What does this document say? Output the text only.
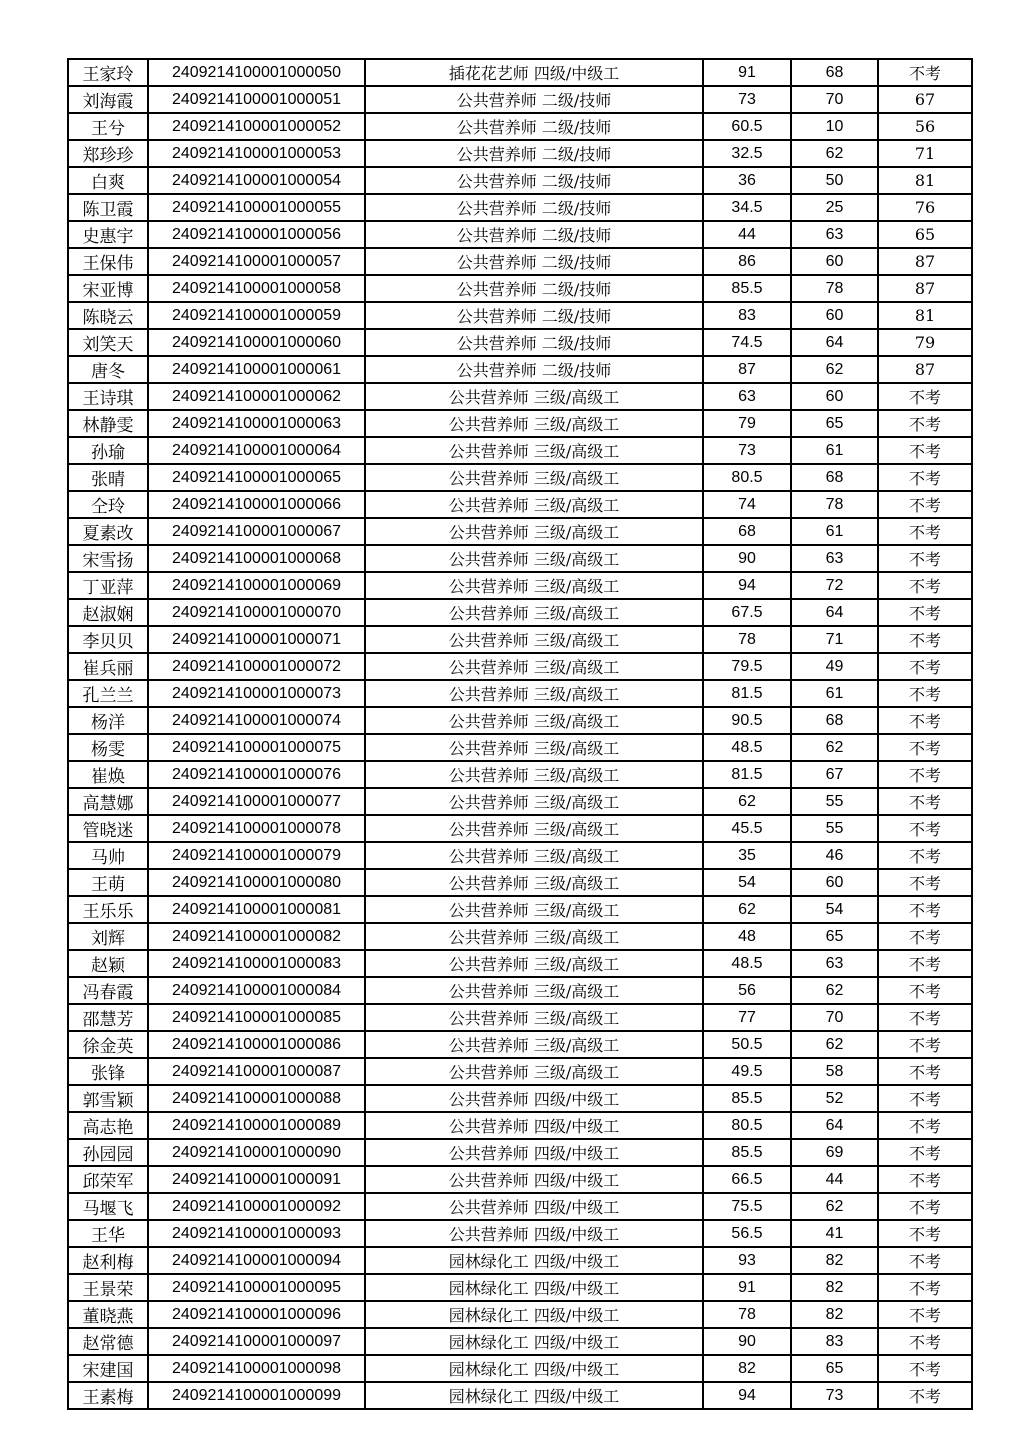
王家玲	2409214100001000050	插花花艺师 四级/中级工	91	68	不考
刘海霞	2409214100001000051	公共营养师 二级/技师	73	70	67
王兮	2409214100001000052	公共营养师 二级/技师	60.5	10	56
郑珍珍	2409214100001000053	公共营养师 二级/技师	32.5	62	71
白爽	2409214100001000054	公共营养师 二级/技师	36	50	81
陈卫霞	2409214100001000055	公共营养师 二级/技师	34.5	25	76
史惠宇	2409214100001000056	公共营养师 二级/技师	44	63	65
王保伟	2409214100001000057	公共营养师 二级/技师	86	60	87
宋亚博	2409214100001000058	公共营养师 二级/技师	85.5	78	87
陈晓云	2409214100001000059	公共营养师 二级/技师	83	60	81
刘笑天	2409214100001000060	公共营养师 二级/技师	74.5	64	79
唐冬	2409214100001000061	公共营养师 二级/技师	87	62	87
王诗琪	2409214100001000062	公共营养师 三级/高级工	63	60	不考
林静雯	2409214100001000063	公共营养师 三级/高级工	79	65	不考
孙瑜	2409214100001000064	公共营养师 三级/高级工	73	61	不考
张晴	2409214100001000065	公共营养师 三级/高级工	80.5	68	不考
仝玲	2409214100001000066	公共营养师 三级/高级工	74	78	不考
夏素改	2409214100001000067	公共营养师 三级/高级工	68	61	不考
宋雪扬	2409214100001000068	公共营养师 三级/高级工	90	63	不考
丁亚萍	2409214100001000069	公共营养师 三级/高级工	94	72	不考
赵淑娴	2409214100001000070	公共营养师 三级/高级工	67.5	64	不考
李贝贝	2409214100001000071	公共营养师 三级/高级工	78	71	不考
崔兵丽	2409214100001000072	公共营养师 三级/高级工	79.5	49	不考
孔兰兰	2409214100001000073	公共营养师 三级/高级工	81.5	61	不考
杨洋	2409214100001000074	公共营养师 三级/高级工	90.5	68	不考
杨雯	2409214100001000075	公共营养师 三级/高级工	48.5	62	不考
崔焕	2409214100001000076	公共营养师 三级/高级工	81.5	67	不考
高慧娜	2409214100001000077	公共营养师 三级/高级工	62	55	不考
管晓迷	2409214100001000078	公共营养师 三级/高级工	45.5	55	不考
马帅	2409214100001000079	公共营养师 三级/高级工	35	46	不考
王萌	2409214100001000080	公共营养师 三级/高级工	54	60	不考
王乐乐	2409214100001000081	公共营养师 三级/高级工	62	54	不考
刘辉	2409214100001000082	公共营养师 三级/高级工	48	65	不考
赵颖	2409214100001000083	公共营养师 三级/高级工	48.5	63	不考
冯春霞	2409214100001000084	公共营养师 三级/高级工	56	62	不考
邵慧芳	2409214100001000085	公共营养师 三级/高级工	77	70	不考
徐金英	2409214100001000086	公共营养师 三级/高级工	50.5	62	不考
张锋	2409214100001000087	公共营养师 三级/高级工	49.5	58	不考
郭雪颖	2409214100001000088	公共营养师 四级/中级工	85.5	52	不考
高志艳	2409214100001000089	公共营养师 四级/中级工	80.5	64	不考
孙园园	2409214100001000090	公共营养师 四级/中级工	85.5	69	不考
邱荣军	2409214100001000091	公共营养师 四级/中级工	66.5	44	不考
马堰飞	2409214100001000092	公共营养师 四级/中级工	75.5	62	不考
王华	2409214100001000093	公共营养师 四级/中级工	56.5	41	不考
赵利梅	2409214100001000094	园林绿化工 四级/中级工	93	82	不考
王景荣	2409214100001000095	园林绿化工 四级/中级工	91	82	不考
董晓燕	2409214100001000096	园林绿化工 四级/中级工	78	82	不考
赵常德	2409214100001000097	园林绿化工 四级/中级工	90	83	不考
宋建国	2409214100001000098	园林绿化工 四级/中级工	82	65	不考
王素梅	2409214100001000099	园林绿化工 四级/中级工	94	73	不考
